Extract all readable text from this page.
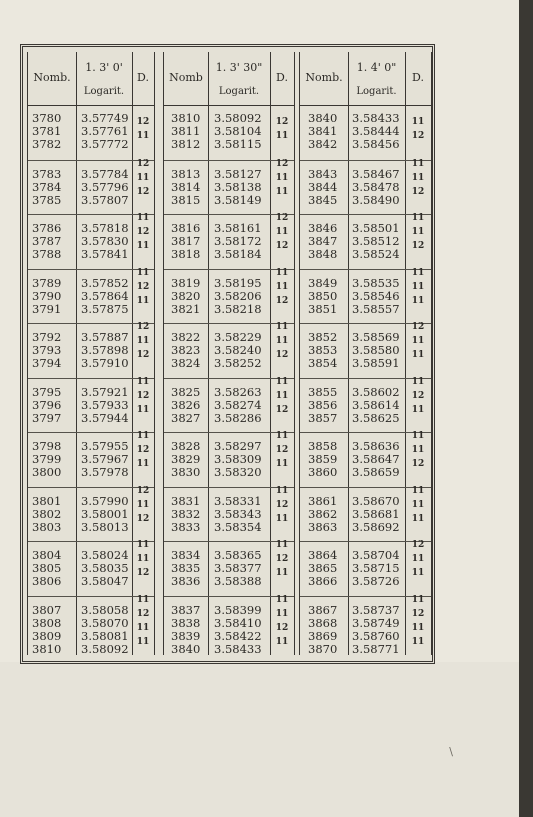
Nomb.
1. 3' 0'
Logarit.
D.
3780 3.57749
3781 3.57761
3782 3.57772
12
11
3783 3.57784
3784 3.57796
3785 3.57807
12
11
12
3786 3.57818
3787 3.57830
3788 3.57841
11
12
11
3789 3.57852
3790 3.57864
3791 3.57875
11
12
11
3792 3.57887
3793 3.57898
3794 3.57910
12
11
12
3795 3.57921
3796 3.57933
3797 3.57944
11
12
11
3798 3.57955
3799 3.57967
3800 3.57978
11
12
11
3801 3.57990
3802 3.58001
3803 3.58013
12
11
12
3804 3.58024
3805 3.58035
3806 3.58047
11
11
12
3807 3.58058
3808 3.58070
3809 3.58081
3810 3.58092
11
12
11
11
Nomb
1. 3' 30"
Logarit.
D.
3810 3.58092
3811 3.58104
3812 3.58115
12
11
3813 3.58127
3814 3.58138
3815 3.58149
12
11
11
3816 3.58161
3817 3.58172
3818 3.58184
12
11
12
3819 3.58195
3820 3.58206
3821 3.58218
11
11
12
3822 3.58229
3823 3.58240
3824 3.58252
11
11
12
3825 3.58263
3826 3.58274
3827 3.58286
11
11
12
3828 3.58297
3829 3.58309
3830 3.58320
11
12
11
3831 3.58331
3832 3.58343
3833 3.58354
11
12
11
3834 3.58365
3835 3.58377
3836 3.58388
11
12
11
3837 3.58399
3838 3.58410
3839 3.58422
3840 3.58433
11
11
12
11
Nomb.
1. 4' 0"
Logarit.
D.
3840 3.58433
3841 3.58444
3842 3.58456
11
12
3843 3.58467
3844 3.58478
3845 3.58490
11
11
12
3846 3.58501
3847 3.58512
3848 3.58524
11
11
12
3849 3.58535
3850 3.58546
3851 3.58557
11
11
11
3852 3.58569
3853 3.58580
3854 3.58591
12
11
11
3855 3.58602
3856 3.58614
3857 3.58625
11
12
11
3858 3.58636
3859 3.58647
3860 3.58659
11
11
12
3861 3.58670
3862 3.58681
3863 3.58692
11
11
11
3864 3.58704
3865 3.58715
3866 3.58726
12
11
11
3867 3.58737
3868 3.58749
3869 3.58760
3870 3.58771
11
12
11
11
\
